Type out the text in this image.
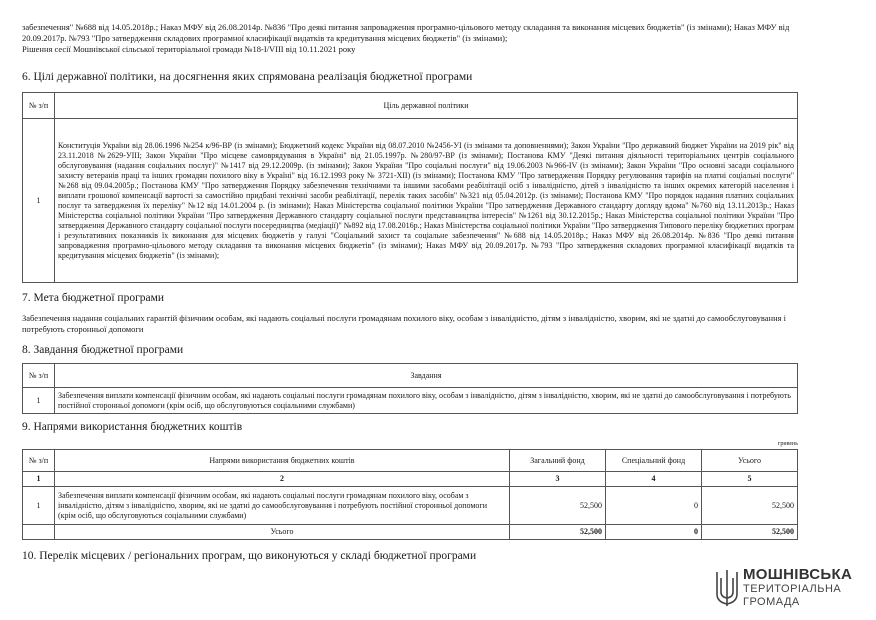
забезпечення" №688 від 14.05.2018р.; Наказ МФУ від 26.08.2014р. №836 "Про деякі питання запровадження програмно-цільового методу складання та виконання місцевих бюджетів" (із змінами); Наказ МФУ від 20.09.2017р. №793 "Про затвердження складових програмної класифікації видатків та кредитування місцевих бюджетів" (із змінами);
Рішення сесії Мошнівської сільської територіальної громади №18-I/VIII від 10.11.2021 року
6. Цілі державної політики, на досягнення яких спрямована реалізація бюджетної програми
№ з/п	Ціль державної політики
1	Конституція України від 28.06.1996 №254 к/96-ВР (із змінами); Бюджетний кодекс України від 08.07.2010 №2456-УІ (із змінами та доповненнями); Закон України "Про державний бюджет України на 2019 рік" від 23.11.2018 №2629-УІІІ; Закон України "Про місцеве самоврядування в Україні" від 21.05.1997р. №280/97-ВР (із змінами); Постанова КМУ "Деякі питання діяльності територіальних центрів соціального обслуговування (надання соціальних послуг)" №1417 від 29.12.2009р. (із змінами); Закон України "Про соціальні послуги" від 19.06.2003 №966-IV (із змінами); Закон України "Про основні засади соціального захисту ветеранів праці та інших громадян похилого віку в Україні" від 16.12.1993 року № 3721-XII) (із змінами); Постанова КМУ "Про затвердження Порядку регулювання тарифів на платні соціальні послуги" №268 від 09.04.2005р.; Постанова КМУ "Про затвердження Порядку забезпечення технічними та іншими засобами реабілітації осіб з інвалідністю, дітей з інвалідністю та інших окремих категорій населення і виплати грошової компенсації вартості за самостійно придбані технічні засоби реабілітації, перелік таких засобів" №321 від 05.04.2012р. (із змінами); Постанова КМУ "Про порядок надання платних соціальних послуг та затвердження їх переліку" №12 від 14.01.2004 р. (із змінами); Наказ Міністерства соціальної політики України "Про затвердження Державного стандарту догляду вдома" №760 від 13.11.2013р.; Наказ Міністерства соціальної політики України "Про затвердження Державного стандарту соціальної послуги представництва інтересів" №1261 від 30.12.2015р.; Наказ Міністерства соціальної політики України "Про затвердження Державного стандарту соціальної послуги посередництва (медіації)" №892 від 17.08.2016р.; Наказ Міністерства соціальної політики України "Про затвердження Типового переліку бюджетних програм і результативних показників їх виконання для місцевих бюджетів у галузі "Соціальний захист та соціальне забезпечення" №688 від 14.05.2018р.; Наказ МФУ від 26.08.2014р. №836 "Про деякі питання запровадження програмно-цільового методу складання та виконання місцевих бюджетів" (із змінами); Наказ МФУ від 20.09.2017р. №793 "Про затвердження складових програмної класифікації видатків та кредитування місцевих бюджетів" (із змінами);
7. Мета бюджетної програми
Забезпечення надання соціальних гарантій фізичним особам, які надають соціальні послуги громадянам похилого віку, особам з інвалідністю, дітям з інвалідністю, хворим, які не здатні до самообслуговування і потребують сторонньої допомоги
8. Завдання бюджетної програми
№ з/п	Завдання
1	Забезпечення виплати компенсації фізичним особам, які надають соціальні послуги громадянам похилого віку, особам з інвалідністю, дітям з інвалідністю, хворим, які не здатні до самообслуговування і потребують постійної сторонньої допомоги (крім осіб, що обслуговуються соціальними службами)
9. Напрями використання бюджетних коштів
гривень
№ з/п	Напрями використання бюджетних коштів	Загальний фонд	Спеціальний фонд	Усього
1	2	3	4	5
1	Забезпечення виплати компенсації фізичним особам, які надають соціальні послуги громадянам похилого віку, особам з інвалідністю, дітям з інвалідністю, хворим, які не здатні до самообслуговування і потребують постійної сторонньої допомоги (крім осіб, що обслуговуються соціальними службами)	52,500	0	52,500
	Усього	52,500	0	52,500
10. Перелік місцевих / регіональних програм, що виконуються у складі бюджетної програми
МОШНІВСЬКА
ТЕРИТОРІАЛЬНА
ГРОМАДА
